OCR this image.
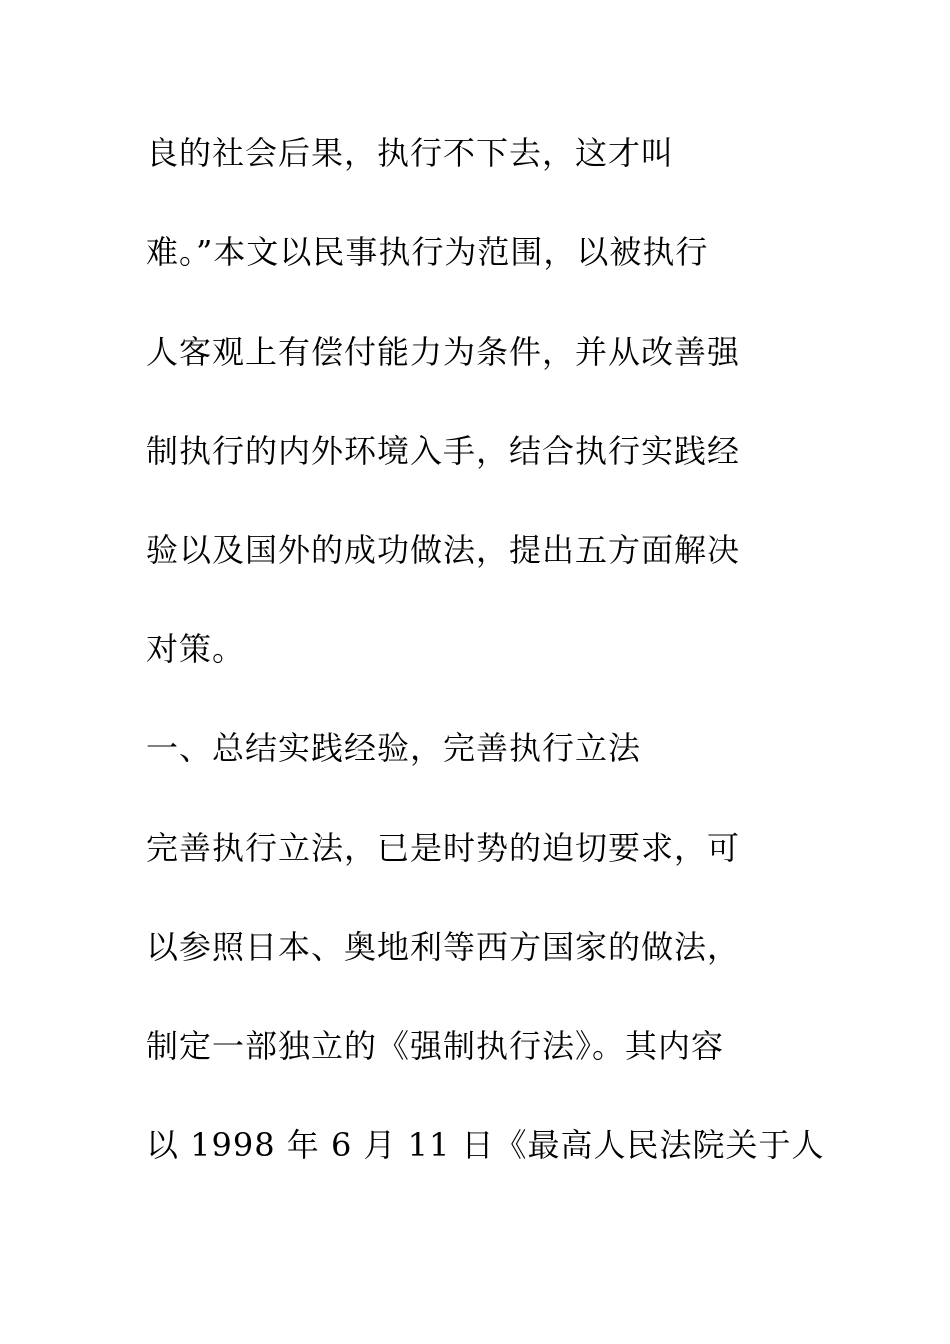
良的社会后果，执行不下去，这才叫
难。”本文以民事执行为范围，以被执行
人客观上有偿付能力为条件，并从改善强
制执行的内外环境入手，结合执行实践经
验以及国外的成功做法，提出五方面解决
对策。
一、总结实践经验，完善执行立法
完善执行立法，已是时势的迫切要求，可
以参照日本、奥地利等西方国家的做法，
制定一部独立的《强制执行法》。其内容
以 1998 年 6 月 11 日《最高人民法院关于人
